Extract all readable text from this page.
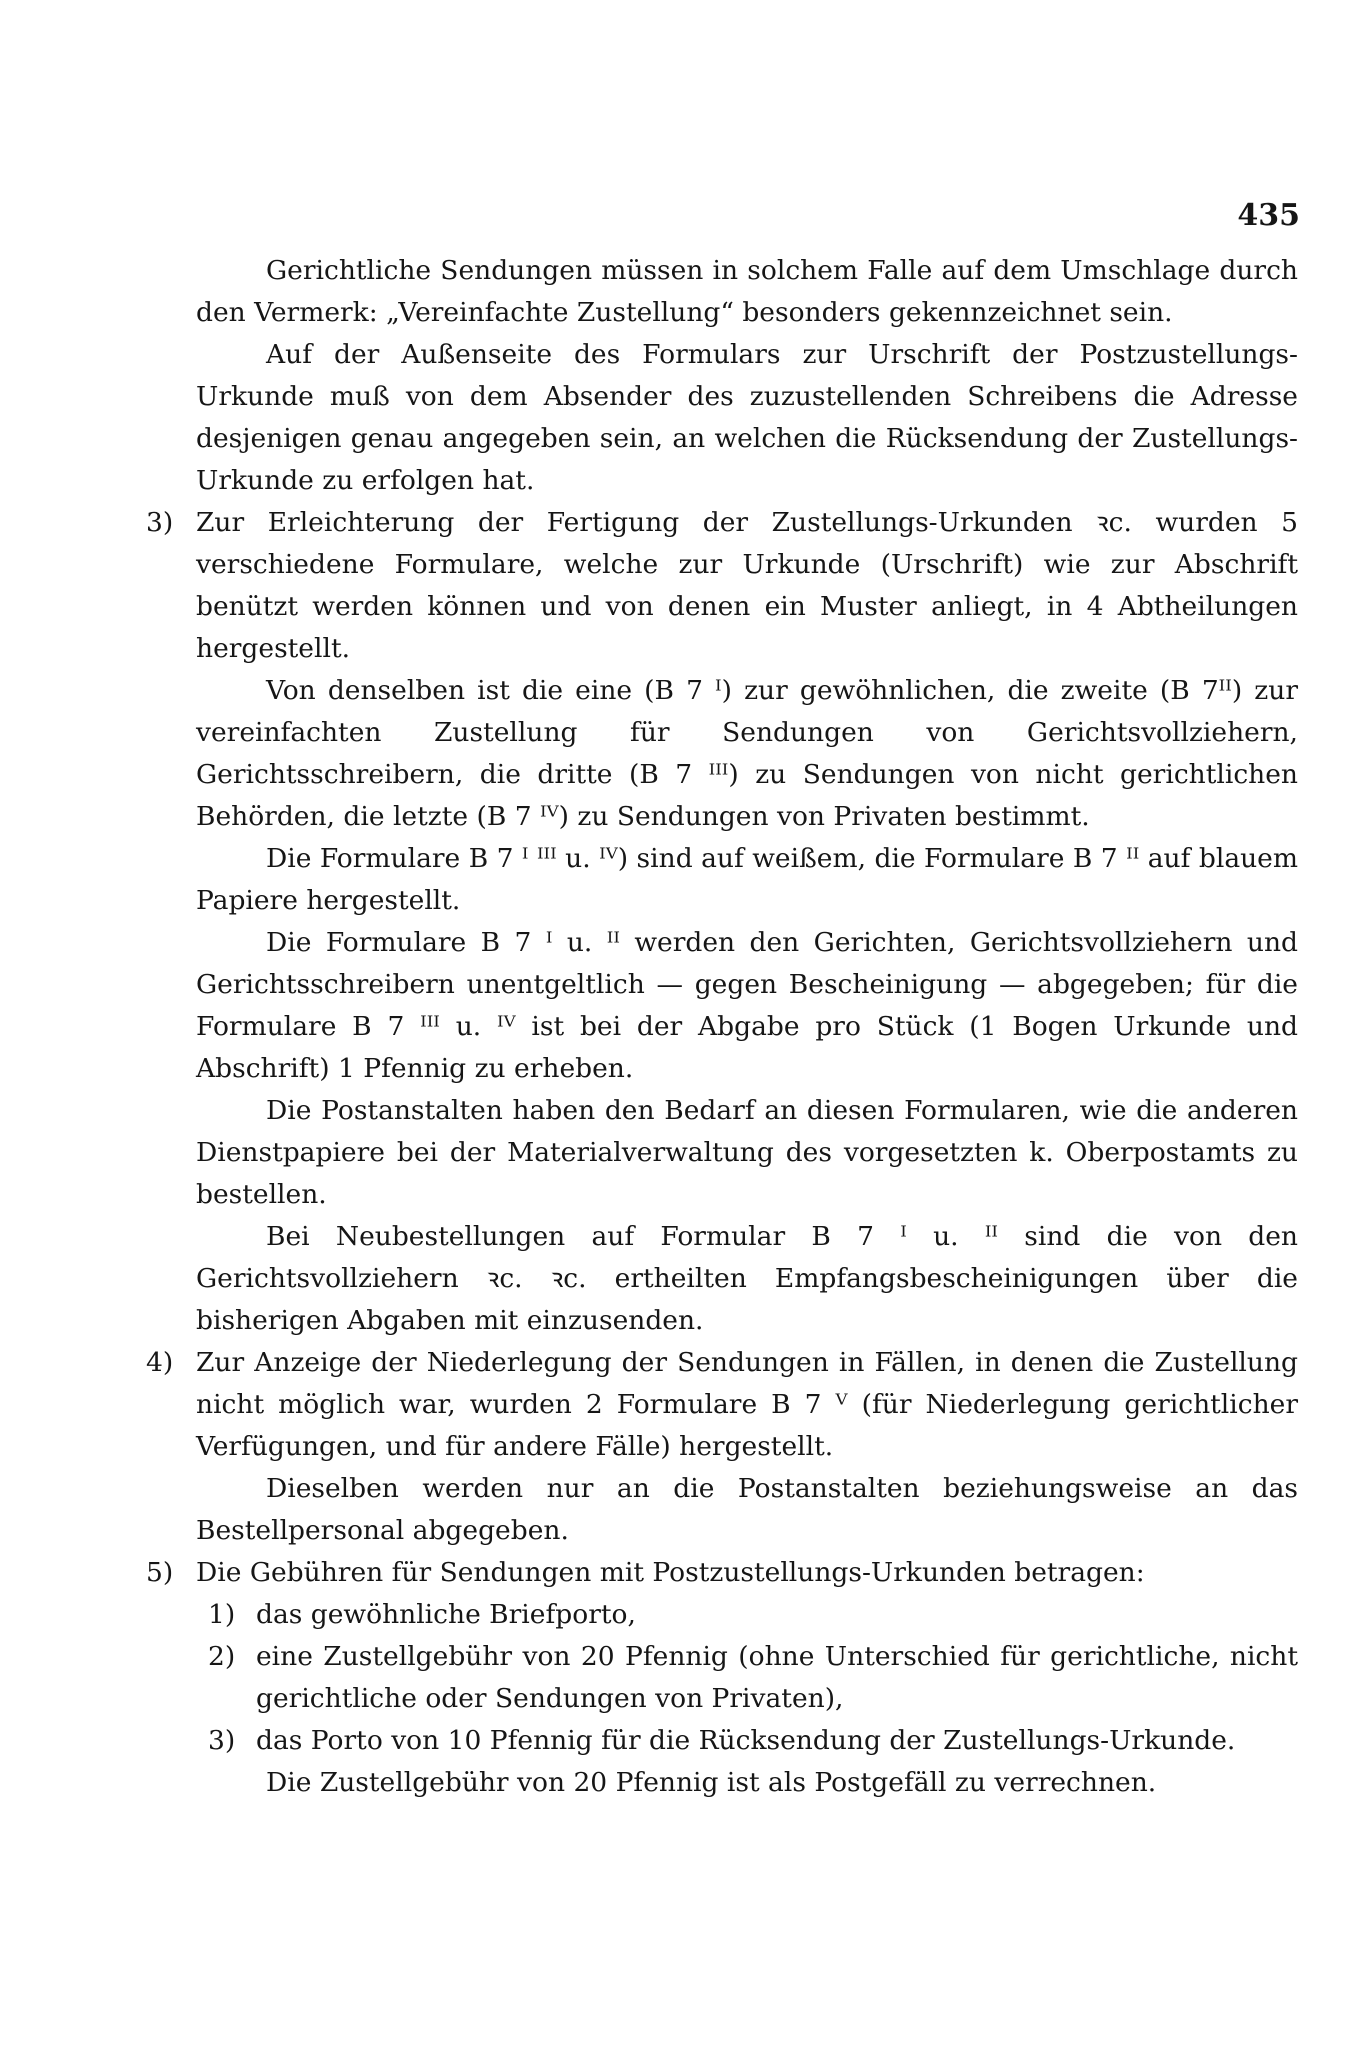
435

Gerichtliche Sendungen müssen in solchem Falle auf dem Umschlage durch den Vermerk: „Vereinfachte Zustellung“ besonders gekennzeichnet sein.

Auf der Außenseite des Formulars zur Urschrift der Postzustellungs-Urkunde muß von dem Absender des zuzustellenden Schreibens die Adresse desjenigen genau angegeben sein, an welchen die Rücksendung der Zustellungs-Urkunde zu erfolgen hat.

3) Zur Erleichterung der Fertigung der Zustellungs-Urkunden ꝛc. wurden 5 verschiedene Formulare, welche zur Urkunde (Urschrift) wie zur Abschrift benützt werden können und von denen ein Muster anliegt, in 4 Abtheilungen hergestellt.

Von denselben ist die eine (B 7 ᴵ) zur gewöhnlichen, die zweite (B 7ᴵᴵ) zur vereinfachten Zustellung für Sendungen von Gerichtsvollziehern, Gerichtsschreibern, die dritte (B 7 ᴵᴵᴵ) zu Sendungen von nicht gerichtlichen Behörden, die letzte (B 7 ᴵⱽ) zu Sendungen von Privaten bestimmt.

Die Formulare B 7 ᴵ ᴵᴵᴵ u. ᴵⱽ) sind auf weißem, die Formulare B 7 ᴵᴵ auf blauem Papiere hergestellt.

Die Formulare B 7 ᴵ u. ᴵᴵ werden den Gerichten, Gerichtsvollziehern und Gerichtsschreibern unentgeltlich — gegen Bescheinigung — abgegeben; für die Formulare B 7 ᴵᴵᴵ u. ᴵⱽ ist bei der Abgabe pro Stück (1 Bogen Urkunde und Abschrift) 1 Pfennig zu erheben.

Die Postanstalten haben den Bedarf an diesen Formularen, wie die anderen Dienstpapiere bei der Materialverwaltung des vorgesetzten k. Oberpostamts zu bestellen.

Bei Neubestellungen auf Formular B 7 ᴵ u. ᴵᴵ sind die von den Gerichtsvollziehern ꝛc. ꝛc. ertheilten Empfangsbescheinigungen über die bisherigen Abgaben mit einzusenden.

4) Zur Anzeige der Niederlegung der Sendungen in Fällen, in denen die Zustellung nicht möglich war, wurden 2 Formulare B 7 ⱽ (für Niederlegung gerichtlicher Verfügungen, und für andere Fälle) hergestellt.

Dieselben werden nur an die Postanstalten beziehungsweise an das Bestellpersonal abgegeben.

5) Die Gebühren für Sendungen mit Postzustellungs-Urkunden betragen:

1) das gewöhnliche Briefporto,
2) eine Zustellgebühr von 20 Pfennig (ohne Unterschied für gerichtliche, nicht gerichtliche oder Sendungen von Privaten),
3) das Porto von 10 Pfennig für die Rücksendung der Zustellungs-Urkunde.

Die Zustellgebühr von 20 Pfennig ist als Postgefäll zu verrechnen.
